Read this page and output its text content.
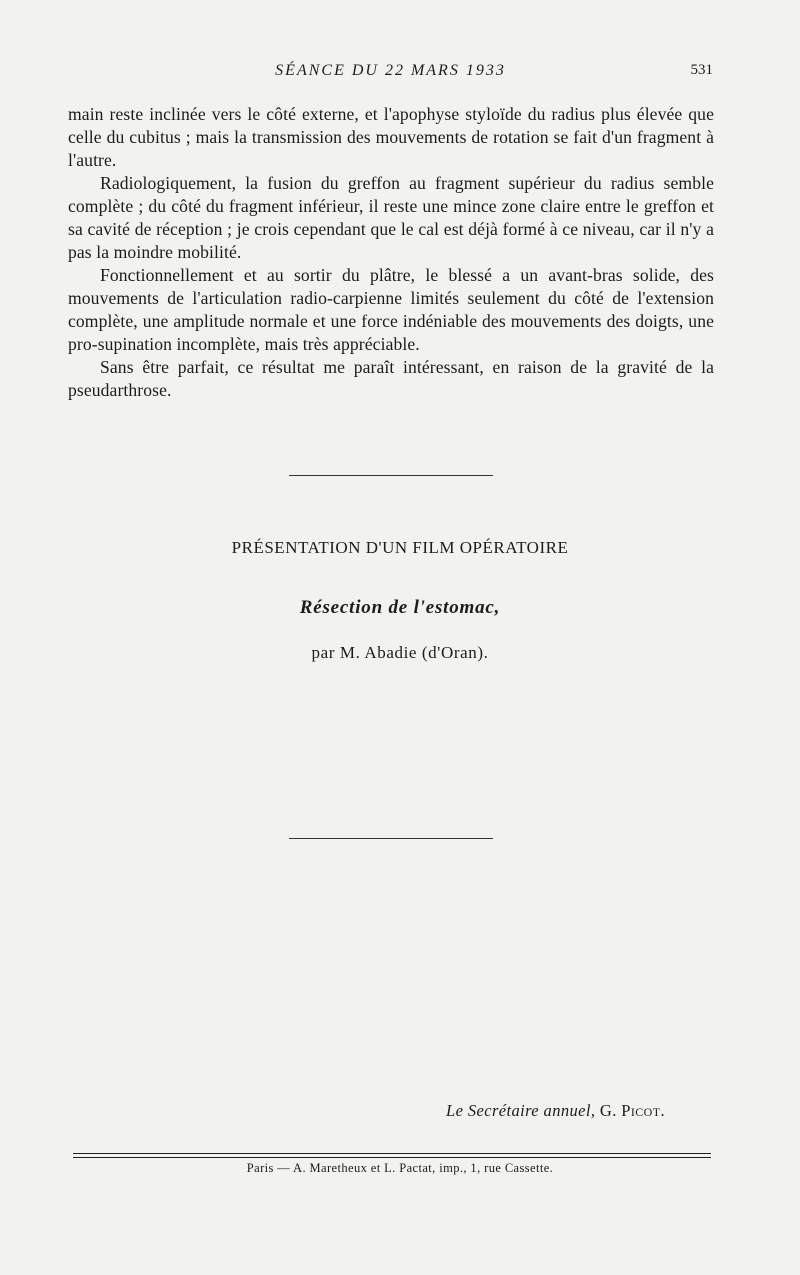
SÉANCE DU 22 MARS 1933	531

main reste inclinée vers le côté externe, et l'apophyse styloïde du radius plus élevée que celle du cubitus ; mais la transmission des mouvements de rotation se fait d'un fragment à l'autre.

Radiologiquement, la fusion du greffon au fragment supérieur du radius semble complète ; du côté du fragment inférieur, il reste une mince zone claire entre le greffon et sa cavité de réception ; je crois cependant que le cal est déjà formé à ce niveau, car il n'y a pas la moindre mobilité.

Fonctionnellement et au sortir du plâtre, le blessé a un avant-bras solide, des mouvements de l'articulation radio-carpienne limités seulement du côté de l'extension complète, une amplitude normale et une force indéniable des mouvements des doigts, une pro-supination incomplète, mais très appréciable.

Sans être parfait, ce résultat me paraît intéressant, en raison de la gravité de la pseudarthrose.

PRÉSENTATION D'UN FILM OPÉRATOIRE
Résection de l'estomac,
par M. Abadie (d'Oran).
Le Secrétaire annuel, G. Picot.
Paris — A. Maretheux et L. Pactat, imp., 1, rue Cassette.
